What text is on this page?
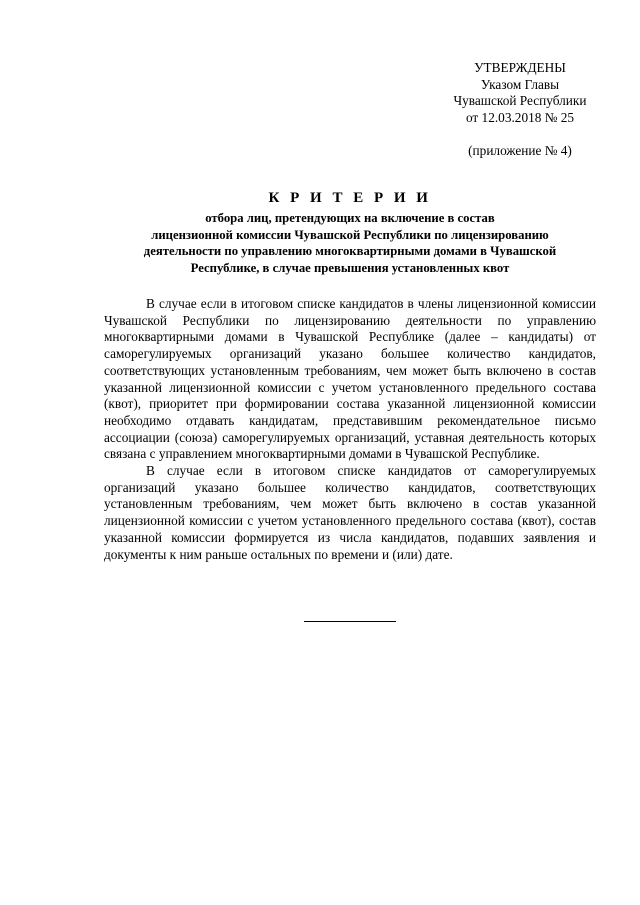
УТВЕРЖДЕНЫ
Указом Главы
Чувашской Республики
от 12.03.2018 № 25
(приложение № 4)
К Р И Т Е Р И И
отбора лиц, претендующих на включение в состав
лицензионной комиссии Чувашской Республики по лицензированию
деятельности по управлению многоквартирными домами в Чувашской
Республике, в случае превышения установленных квот

В случае если в итоговом списке кандидатов в члены лицензионной комиссии Чувашской Республики по лицензированию деятельности по управлению многоквартирными домами в Чувашской Республике (далее – кандидаты) от саморегулируемых организаций указано большее количество кандидатов, соответствующих установленным требованиям, чем может быть включено в состав указанной лицензионной комиссии с учетом установленного предельного состава (квот), приоритет при формировании состава указанной лицензионной комиссии необходимо отдавать кандидатам, представившим рекомендательное письмо ассоциации (союза) саморегулируемых организаций, уставная деятельность которых связана с управлением многоквартирными домами в Чувашской Республике.

В случае если в итоговом списке кандидатов от саморегулируемых организаций указано большее количество кандидатов, соответствующих установленным требованиям, чем может быть включено в состав указанной лицензионной комиссии с учетом установленного предельного состава (квот), состав указанной комиссии формируется из числа кандидатов, подавших заявления и документы к ним раньше остальных по времени и (или) дате.
